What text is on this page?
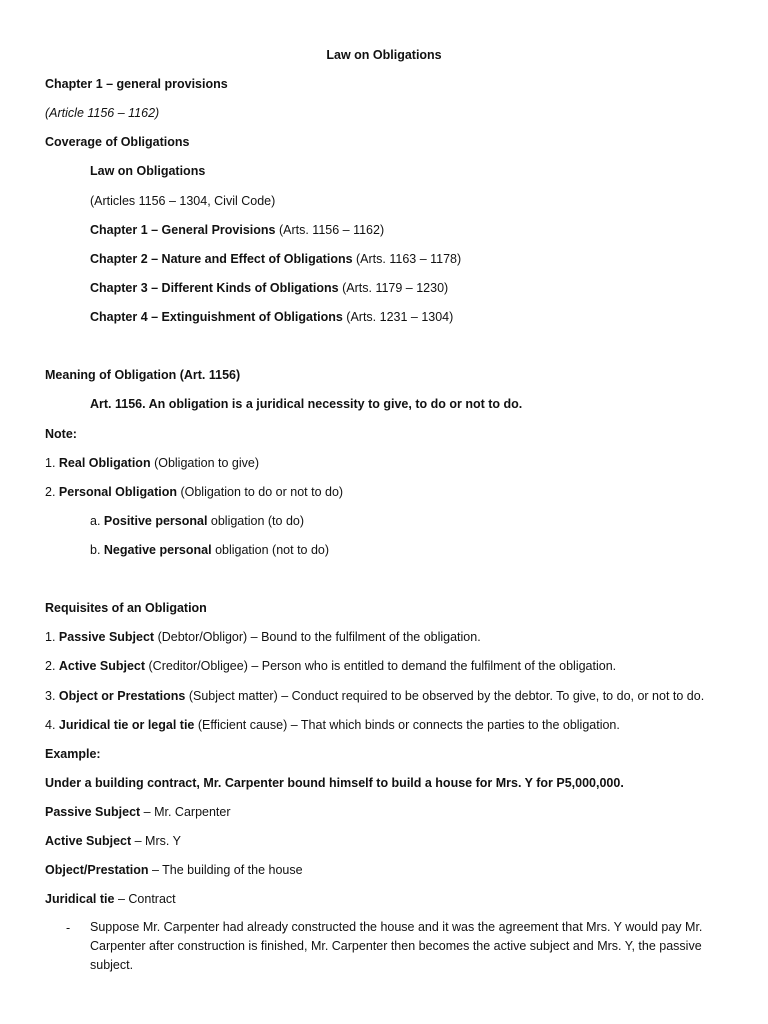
Law on Obligations
Chapter 1 – general provisions
(Article 1156 – 1162)
Coverage of Obligations
Law on Obligations
(Articles 1156 – 1304, Civil Code)
Chapter 1 – General Provisions (Arts. 1156 – 1162)
Chapter 2 – Nature and Effect of Obligations (Arts. 1163 – 1178)
Chapter 3 – Different Kinds of Obligations (Arts. 1179 – 1230)
Chapter 4 – Extinguishment of Obligations (Arts. 1231 – 1304)
Meaning of Obligation (Art. 1156)
Art. 1156. An obligation is a juridical necessity to give, to do or not to do.
Note:
1. Real Obligation (Obligation to give)
2. Personal Obligation (Obligation to do or not to do)
a. Positive personal obligation (to do)
b. Negative personal obligation (not to do)
Requisites of an Obligation
1. Passive Subject (Debtor/Obligor) – Bound to the fulfilment of the obligation.
2. Active Subject (Creditor/Obligee) – Person who is entitled to demand the fulfilment of the obligation.
3. Object or Prestations (Subject matter) – Conduct required to be observed by the debtor. To give, to do, or not to do.
4. Juridical tie or legal tie (Efficient cause) – That which binds or connects the parties to the obligation.
Example:
Under a building contract, Mr. Carpenter bound himself to build a house for Mrs. Y for P5,000,000.
Passive Subject – Mr. Carpenter
Active Subject – Mrs. Y
Object/Prestation – The building of the house
Juridical tie – Contract
- Suppose Mr. Carpenter had already constructed the house and it was the agreement that Mrs. Y would pay Mr. Carpenter after construction is finished, Mr. Carpenter then becomes the active subject and Mrs. Y, the passive subject.
